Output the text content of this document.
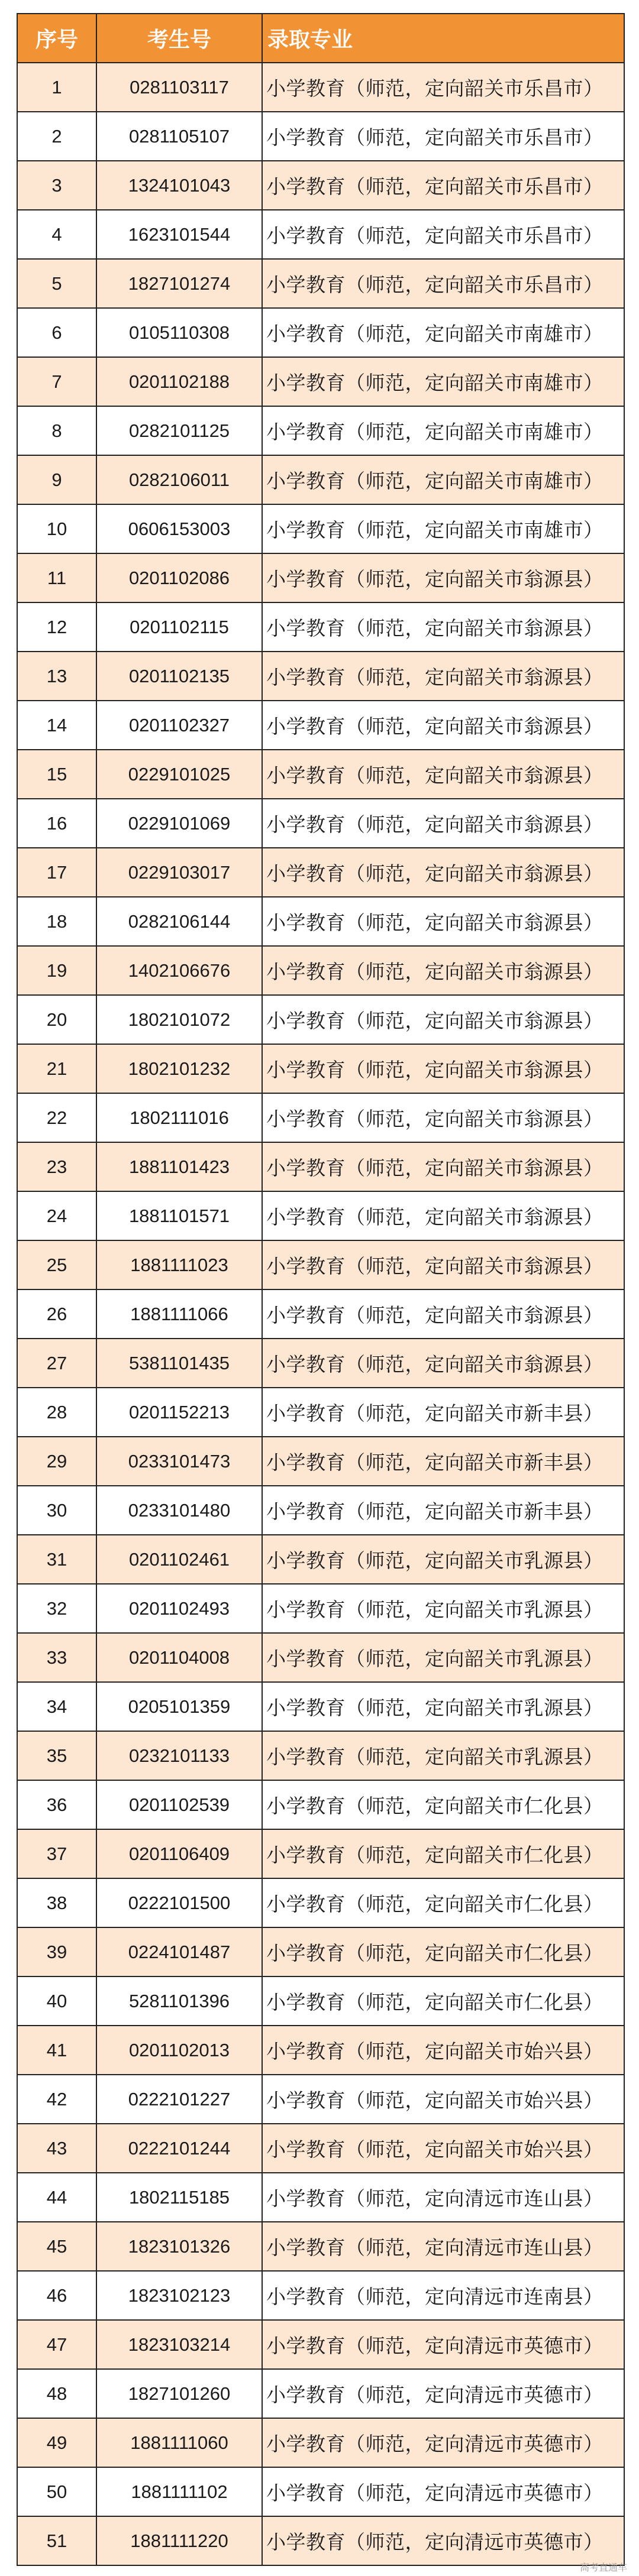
序号	考生号	录取专业
1	0281103117	小学教育（师范，定向韶关市乐昌市）
2	0281105107	小学教育（师范，定向韶关市乐昌市）
3	1324101043	小学教育（师范，定向韶关市乐昌市）
4	1623101544	小学教育（师范，定向韶关市乐昌市）
5	1827101274	小学教育（师范，定向韶关市乐昌市）
6	0105110308	小学教育（师范，定向韶关市南雄市）
7	0201102188	小学教育（师范，定向韶关市南雄市）
8	0282101125	小学教育（师范，定向韶关市南雄市）
9	0282106011	小学教育（师范，定向韶关市南雄市）
10	0606153003	小学教育（师范，定向韶关市南雄市）
11	0201102086	小学教育（师范，定向韶关市翁源县）
12	0201102115	小学教育（师范，定向韶关市翁源县）
13	0201102135	小学教育（师范，定向韶关市翁源县）
14	0201102327	小学教育（师范，定向韶关市翁源县）
15	0229101025	小学教育（师范，定向韶关市翁源县）
16	0229101069	小学教育（师范，定向韶关市翁源县）
17	0229103017	小学教育（师范，定向韶关市翁源县）
18	0282106144	小学教育（师范，定向韶关市翁源县）
19	1402106676	小学教育（师范，定向韶关市翁源县）
20	1802101072	小学教育（师范，定向韶关市翁源县）
21	1802101232	小学教育（师范，定向韶关市翁源县）
22	1802111016	小学教育（师范，定向韶关市翁源县）
23	1881101423	小学教育（师范，定向韶关市翁源县）
24	1881101571	小学教育（师范，定向韶关市翁源县）
25	1881111023	小学教育（师范，定向韶关市翁源县）
26	1881111066	小学教育（师范，定向韶关市翁源县）
27	5381101435	小学教育（师范，定向韶关市翁源县）
28	0201152213	小学教育（师范，定向韶关市新丰县）
29	0233101473	小学教育（师范，定向韶关市新丰县）
30	0233101480	小学教育（师范，定向韶关市新丰县）
31	0201102461	小学教育（师范，定向韶关市乳源县）
32	0201102493	小学教育（师范，定向韶关市乳源县）
33	0201104008	小学教育（师范，定向韶关市乳源县）
34	0205101359	小学教育（师范，定向韶关市乳源县）
35	0232101133	小学教育（师范，定向韶关市乳源县）
36	0201102539	小学教育（师范，定向韶关市仁化县）
37	0201106409	小学教育（师范，定向韶关市仁化县）
38	0222101500	小学教育（师范，定向韶关市仁化县）
39	0224101487	小学教育（师范，定向韶关市仁化县）
40	5281101396	小学教育（师范，定向韶关市仁化县）
41	0201102013	小学教育（师范，定向韶关市始兴县）
42	0222101227	小学教育（师范，定向韶关市始兴县）
43	0222101244	小学教育（师范，定向韶关市始兴县）
44	1802115185	小学教育（师范，定向清远市连山县）
45	1823101326	小学教育（师范，定向清远市连山县）
46	1823102123	小学教育（师范，定向清远市连南县）
47	1823103214	小学教育（师范，定向清远市英德市）
48	1827101260	小学教育（师范，定向清远市英德市）
49	1881111060	小学教育（师范，定向清远市英德市）
50	1881111102	小学教育（师范，定向清远市英德市）
51	1881111220	小学教育（师范，定向清远市英德市）
高考直通车
